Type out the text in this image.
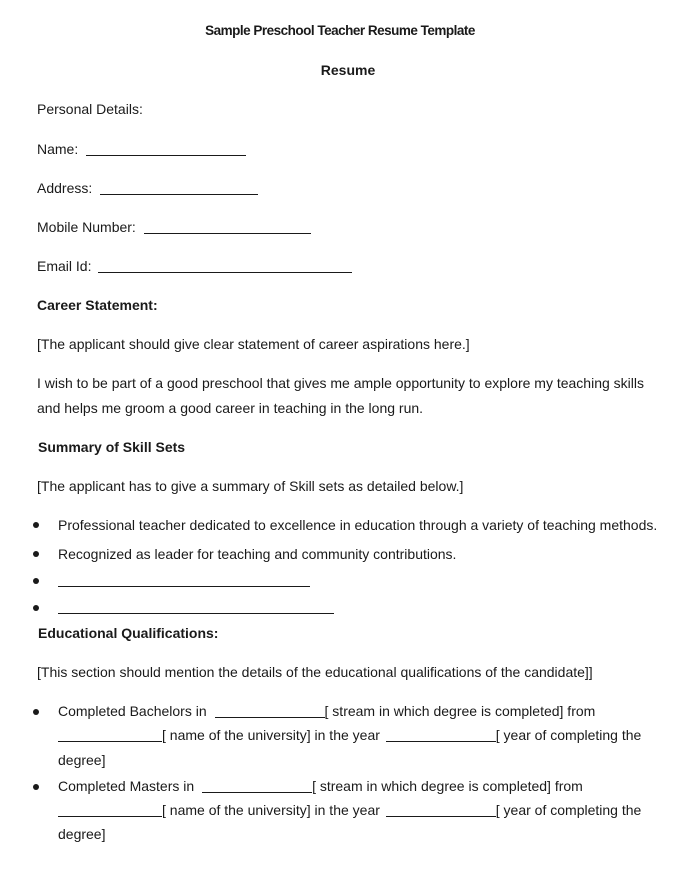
Sample Preschool Teacher Resume Template
Resume
Personal Details:
Name:
Address:
Mobile Number:
Email Id:
Career Statement:
[The applicant should give clear statement of career aspirations here.]
I wish to be part of a good preschool that gives me ample opportunity to explore my teaching skills
and helps me groom a good career in teaching in the long run.
Summary of Skill Sets
[The applicant has to give a summary of Skill sets as detailed below.]
Professional teacher dedicated to excellence in education through a variety of teaching methods.
Recognized as leader for teaching and community contributions.
Educational Qualifications:
[This section should mention the details of the educational qualifications of the candidate]]
Completed Bachelors in	[ stream in which degree is completed] from
[ name of the university] in the year	[ year of completing the
degree]
Completed Masters in	[ stream in which degree is completed] from
[ name of the university] in the year	[ year of completing the
degree]
